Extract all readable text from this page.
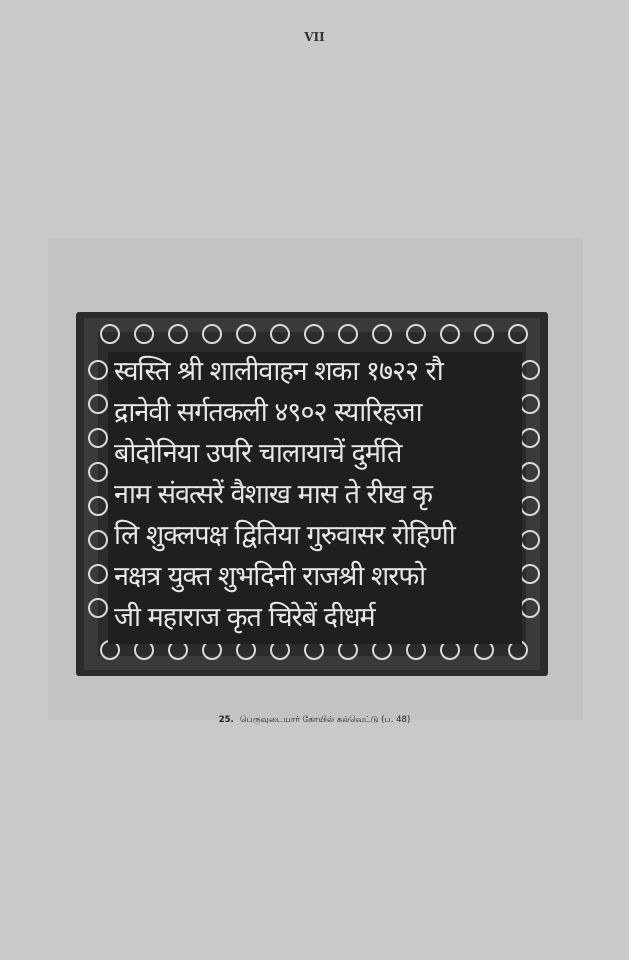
VII
स्वस्ति श्री शालीवाहन शका १७२२ रौ
द्रानेवी सर्गतकली ४९०२ स्यारिहजा
बोदोनिया उपरि चालायाचें दुर्मति
नाम संवत्सरें वैशाख मास ते रीख कृ
लि शुक्लपक्ष द्वितिया गुरुवासर रोहिणी
नक्षत्र युक्त शुभदिनी राजश्री शरफो
जी महाराज कृत चिरेबें दीधर्म
25. பெருவுடையார் கோயில் கல்வெட்டு (ப. 48)
